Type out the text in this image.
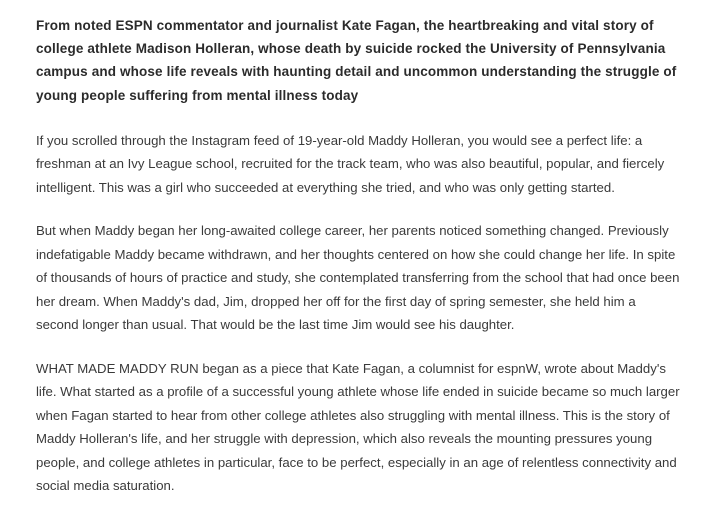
From noted ESPN commentator and journalist Kate Fagan, the heartbreaking and vital story of college athlete Madison Holleran, whose death by suicide rocked the University of Pennsylvania campus and whose life reveals with haunting detail and uncommon understanding the struggle of young people suffering from mental illness today

If you scrolled through the Instagram feed of 19-year-old Maddy Holleran, you would see a perfect life: a freshman at an Ivy League school, recruited for the track team, who was also beautiful, popular, and fiercely intelligent. This was a girl who succeeded at everything she tried, and who was only getting started.

But when Maddy began her long-awaited college career, her parents noticed something changed. Previously indefatigable Maddy became withdrawn, and her thoughts centered on how she could change her life. In spite of thousands of hours of practice and study, she contemplated transferring from the school that had once been her dream. When Maddy's dad, Jim, dropped her off for the first day of spring semester, she held him a second longer than usual. That would be the last time Jim would see his daughter.

WHAT MADE MADDY RUN began as a piece that Kate Fagan, a columnist for espnW, wrote about Maddy's life. What started as a profile of a successful young athlete whose life ended in suicide became so much larger when Fagan started to hear from other college athletes also struggling with mental illness. This is the story of Maddy Holleran's life, and her struggle with depression, which also reveals the mounting pressures young people, and college athletes in particular, face to be perfect, especially in an age of relentless connectivity and social media saturation.
